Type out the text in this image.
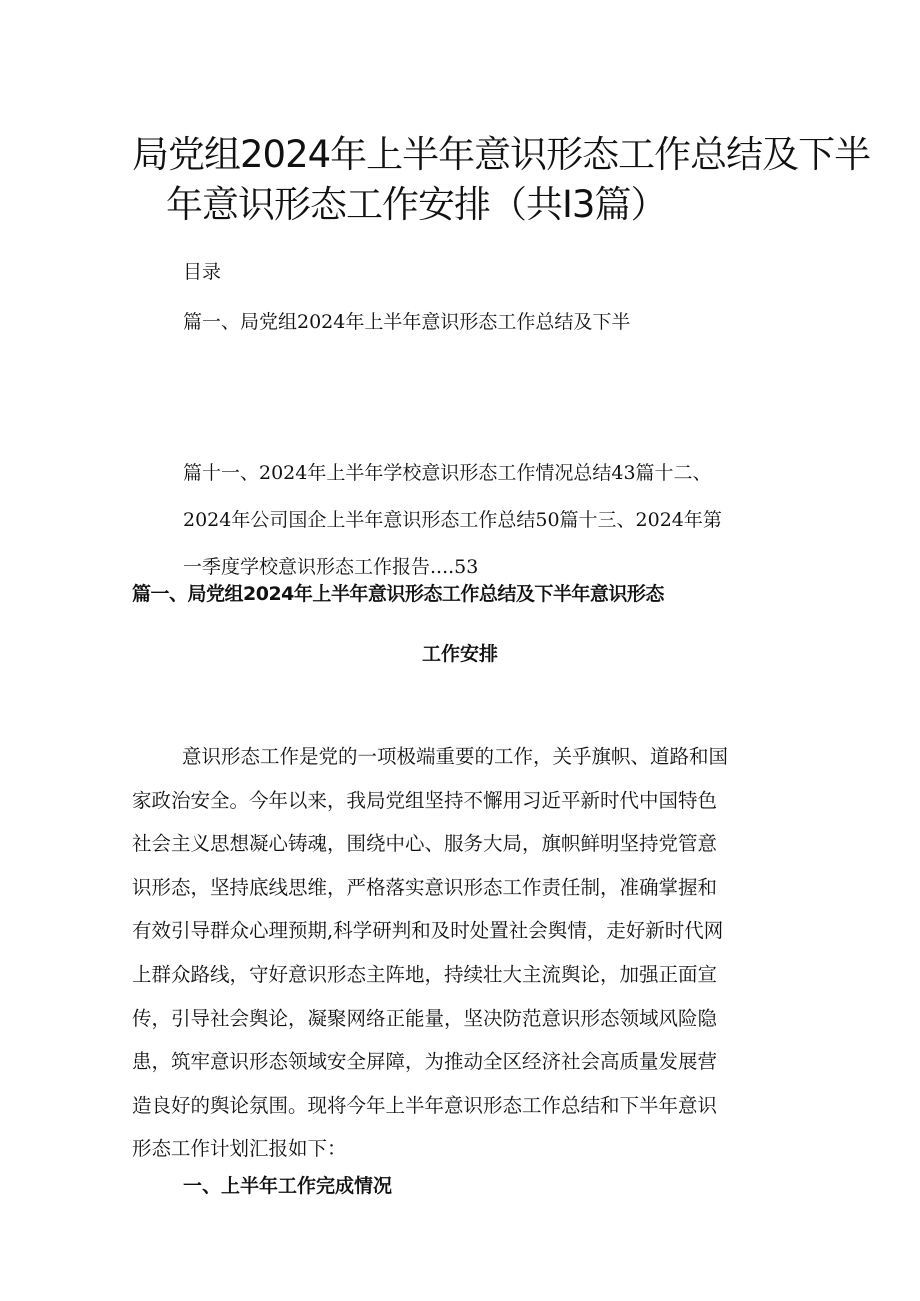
局党组2024年上半年意识形态工作总结及下半
年意识形态工作安排（共I3篇）
目录
篇一、局党组2024年上半年意识形态工作总结及下半
篇十一、2024年上半年学校意识形态工作情况总结43篇十二、
2024年公司国企上半年意识形态工作总结50篇十三、2024年第
一季度学校意识形态工作报告....53
篇一、局党组2024年上半年意识形态工作总结及下半年意识形态
工作安排
意识形态工作是党的一项极端重要的工作，关乎旗帜、道路和国
家政治安全。今年以来，我局党组坚持不懈用习近平新时代中国特色
社会主义思想凝心铸魂，围绕中心、服务大局，旗帜鲜明坚持党管意
识形态，坚持底线思维，严格落实意识形态工作责任制，准确掌握和
有效引导群众心理预期,科学研判和及时处置社会舆情，走好新时代网
上群众路线，守好意识形态主阵地，持续壮大主流舆论，加强正面宣
传，引导社会舆论，凝聚网络正能量，坚决防范意识形态领域风险隐
患，筑牢意识形态领域安全屏障，为推动全区经济社会高质量发展营
造良好的舆论氛围。现将今年上半年意识形态工作总结和下半年意识
形态工作计划汇报如下：
一、上半年工作完成情况
